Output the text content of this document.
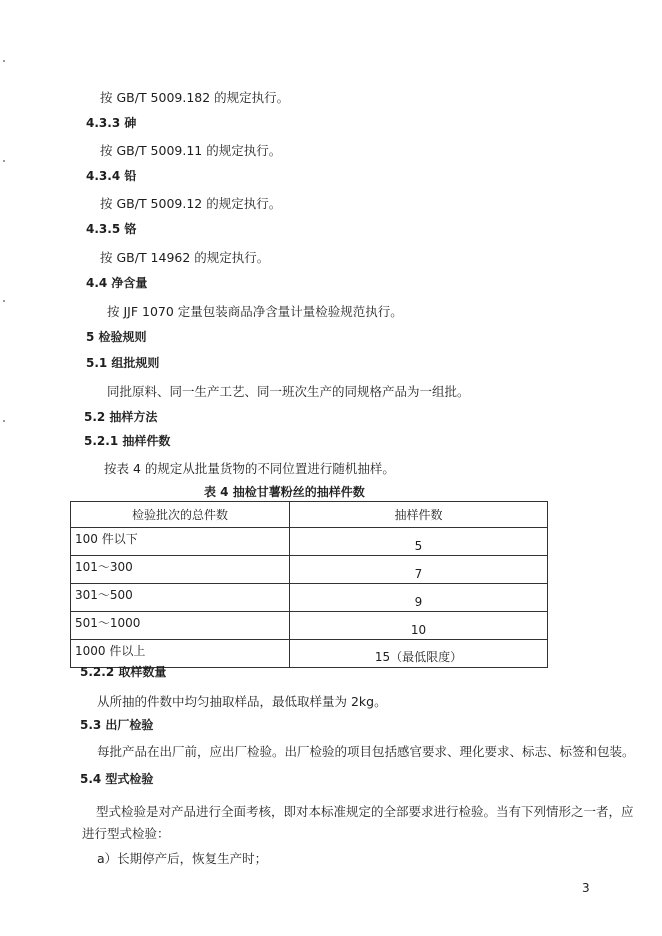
按 GB/T 5009.182 的规定执行。
4.3.3 砷
按 GB/T 5009.11 的规定执行。
4.3.4 铅
按 GB/T 5009.12 的规定执行。
4.3.5 铬
按 GB/T 14962 的规定执行。
4.4 净含量
按 JJF 1070 定量包装商品净含量计量检验规范执行。
5 检验规则
5.1 组批规则
同批原料、同一生产工艺、同一班次生产的同规格产品为一组批。
5.2 抽样方法
5.2.1 抽样件数
按表 4 的规定从批量货物的不同位置进行随机抽样。
表 4 抽检甘薯粉丝的抽样件数
检验批次的总件数	抽样件数
100 件以下	5
101～300	7
301～500	9
501～1000	10
1000 件以上	15（最低限度）
5.2.2 取样数量
从所抽的件数中均匀抽取样品，最低取样量为 2kg。
5.3 出厂检验
每批产品在出厂前，应出厂检验。出厂检验的项目包括感官要求、理化要求、标志、标签和包装。
5.4 型式检验
型式检验是对产品进行全面考核，即对本标准规定的全部要求进行检验。当有下列情形之一者，应
进行型式检验：
a）长期停产后，恢复生产时；
3
